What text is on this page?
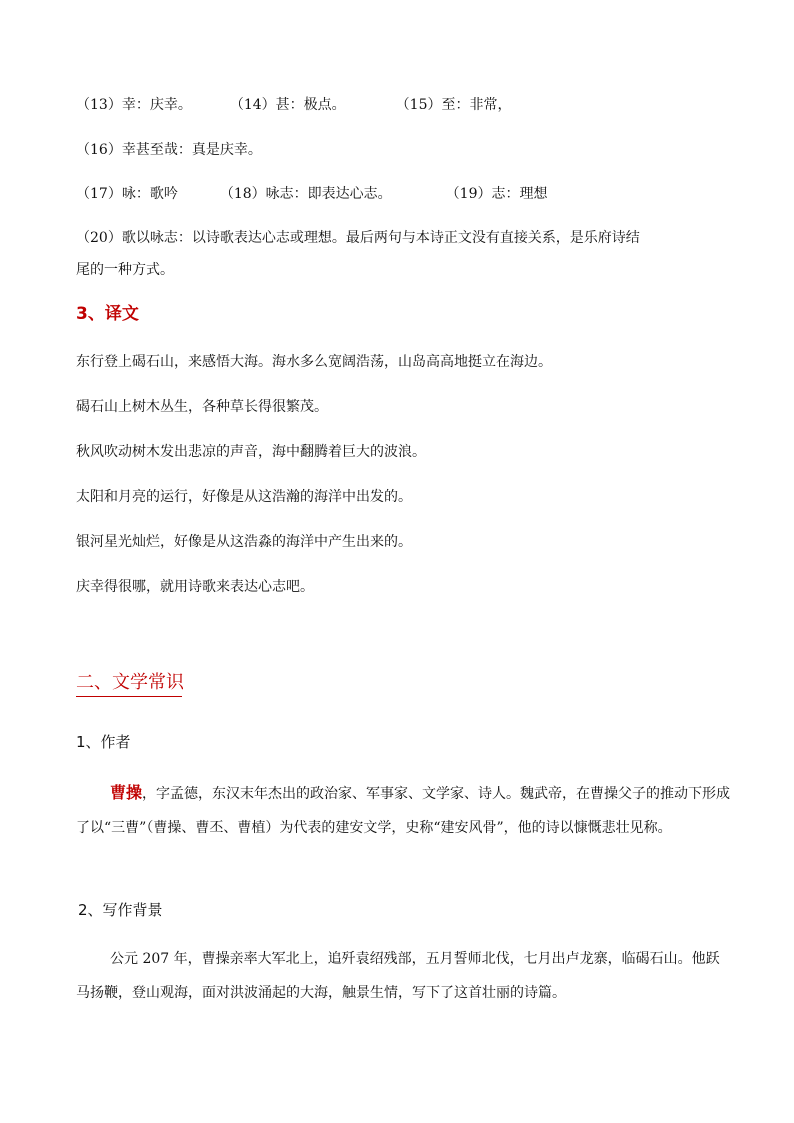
（13）幸：庆幸。	（14）甚：极点。	（15）至：非常，
（16）幸甚至哉：真是庆幸。
（17）咏：歌吟	（18）咏志：即表达心志。	（19）志：理想
（20）歌以咏志：以诗歌表达心志或理想。最后两句与本诗正文没有直接关系，是乐府诗结
尾的一种方式。
3、译文
东行登上碣石山，来感悟大海。海水多么宽阔浩荡，山岛高高地挺立在海边。
碣石山上树木丛生，各种草长得很繁茂。
秋风吹动树木发出悲凉的声音，海中翻腾着巨大的波浪。
太阳和月亮的运行，好像是从这浩瀚的海洋中出发的。
银河星光灿烂，好像是从这浩淼的海洋中产生出来的。
庆幸得很哪，就用诗歌来表达心志吧。
二、文学常识
1、作者
曹操，字孟德，东汉末年杰出的政治家、军事家、文学家、诗人。魏武帝，在曹操父子的推动下形成了以“三曹”（曹操、曹丕、曹植）为代表的建安文学，史称“建安风骨”，他的诗以慷慨悲壮见称。
2、写作背景
公元 207 年，曹操亲率大军北上，追歼袁绍残部，五月誓师北伐，七月出卢龙寨，临碣石山。他跃马扬鞭，登山观海，面对洪波涌起的大海，触景生情，写下了这首壮丽的诗篇。
